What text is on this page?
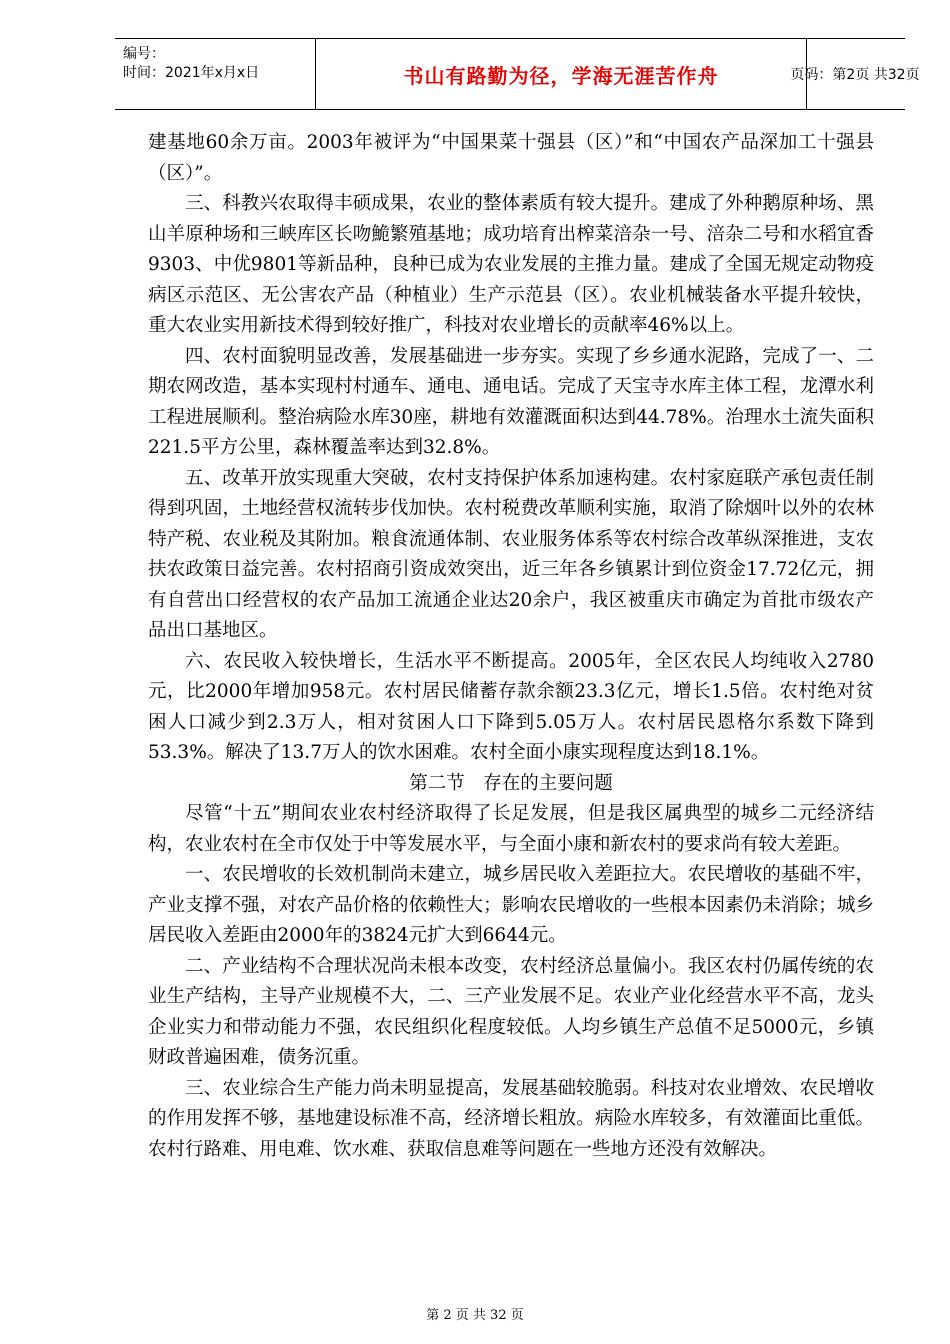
编号：
时间：2021年x月x日	书山有路勤为径，学海无涯苦作舟	页码：第2页 共32页

建基地60余万亩。2003年被评为“中国果菜十强县（区）”和“中国农产品深加工十强县（区）”。

三、科教兴农取得丰硕成果，农业的整体素质有较大提升。建成了外种鹅原种场、黑山羊原种场和三峡库区长吻鮠繁殖基地；成功培育出榨菜涪杂一号、涪杂二号和水稻宜香9303、中优9801等新品种，良种已成为农业发展的主推力量。建成了全国无规定动物疫病区示范区、无公害农产品（种植业）生产示范县（区）。农业机械装备水平提升较快，重大农业实用新技术得到较好推广，科技对农业增长的贡献率46%以上。

四、农村面貌明显改善，发展基础进一步夯实。实现了乡乡通水泥路，完成了一、二期农网改造，基本实现村村通车、通电、通电话。完成了天宝寺水库主体工程，龙潭水利工程进展顺利。整治病险水库30座，耕地有效灌溉面积达到44.78%。治理水土流失面积221.5平方公里，森林覆盖率达到32.8%。

五、改革开放实现重大突破，农村支持保护体系加速构建。农村家庭联产承包责任制得到巩固，土地经营权流转步伐加快。农村税费改革顺利实施，取消了除烟叶以外的农林特产税、农业税及其附加。粮食流通体制、农业服务体系等农村综合改革纵深推进，支农扶农政策日益完善。农村招商引资成效突出，近三年各乡镇累计到位资金17.72亿元，拥有自营出口经营权的农产品加工流通企业达20余户，我区被重庆市确定为首批市级农产品出口基地区。

六、农民收入较快增长，生活水平不断提高。2005年，全区农民人均纯收入2780元，比2000年增加958元。农村居民储蓄存款余额23.3亿元，增长1.5倍。农村绝对贫困人口减少到2.3万人，相对贫困人口下降到5.05万人。农村居民恩格尔系数下降到53.3%。解决了13.7万人的饮水困难。农村全面小康实现程度达到18.1%。

第二节　存在的主要问题

尽管“十五”期间农业农村经济取得了长足发展，但是我区属典型的城乡二元经济结构，农业农村在全市仅处于中等发展水平，与全面小康和新农村的要求尚有较大差距。

一、农民增收的长效机制尚未建立，城乡居民收入差距拉大。农民增收的基础不牢，产业支撑不强，对农产品价格的依赖性大；影响农民增收的一些根本因素仍未消除；城乡居民收入差距由2000年的3824元扩大到6644元。

二、产业结构不合理状况尚未根本改变，农村经济总量偏小。我区农村仍属传统的农业生产结构，主导产业规模不大，二、三产业发展不足。农业产业化经营水平不高，龙头企业实力和带动能力不强，农民组织化程度较低。人均乡镇生产总值不足5000元，乡镇财政普遍困难，债务沉重。

三、农业综合生产能力尚未明显提高，发展基础较脆弱。科技对农业增效、农民增收的作用发挥不够，基地建设标准不高，经济增长粗放。病险水库较多，有效灌面比重低。农村行路难、用电难、饮水难、获取信息难等问题在一些地方还没有效解决。

第 2 页 共 32 页
